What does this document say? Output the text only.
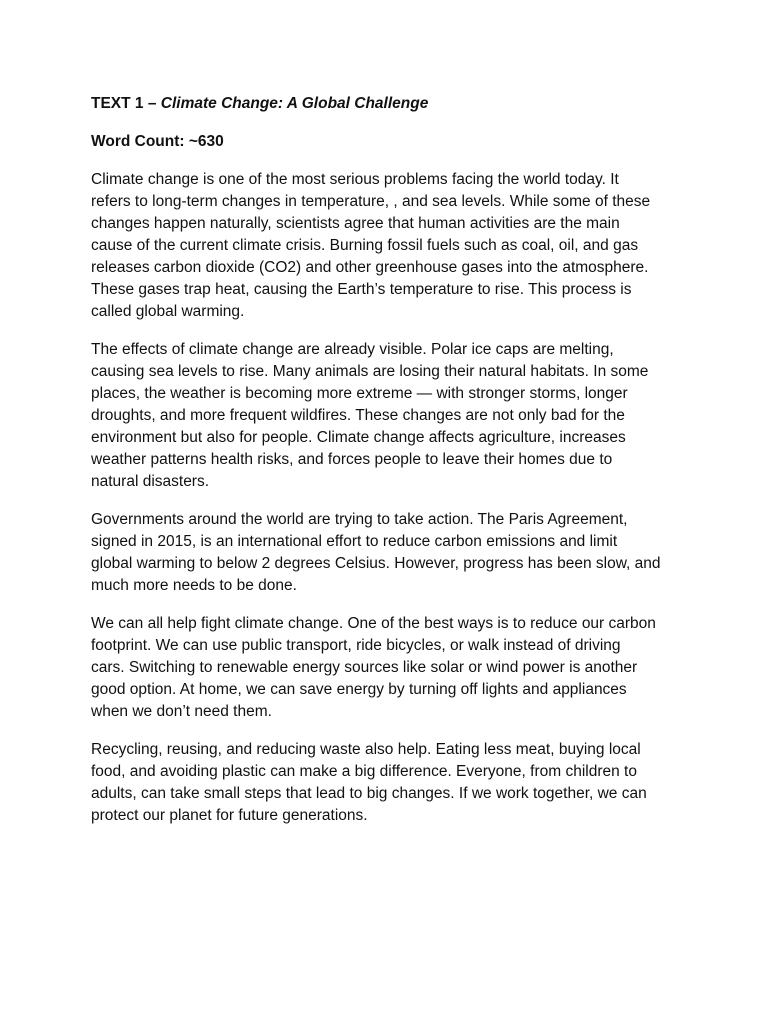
TEXT 1 – Climate Change: A Global Challenge
Word Count: ~630
Climate change is one of the most serious problems facing the world today. It
refers to long-term changes in temperature, , and sea levels. While some of these
changes happen naturally, scientists agree that human activities are the main
cause of the current climate crisis. Burning fossil fuels such as coal, oil, and gas
releases carbon dioxide (CO2) and other greenhouse gases into the atmosphere.
These gases trap heat, causing the Earth’s temperature to rise. This process is
called global warming.
The effects of climate change are already visible. Polar ice caps are melting,
causing sea levels to rise. Many animals are losing their natural habitats. In some
places, the weather is becoming more extreme — with stronger storms, longer
droughts, and more frequent wildfires. These changes are not only bad for the
environment but also for people. Climate change affects agriculture, increases
weather patterns health risks, and forces people to leave their homes due to
natural disasters.
Governments around the world are trying to take action. The Paris Agreement,
signed in 2015, is an international effort to reduce carbon emissions and limit
global warming to below 2 degrees Celsius. However, progress has been slow, and
much more needs to be done.
We can all help fight climate change. One of the best ways is to reduce our carbon
footprint. We can use public transport, ride bicycles, or walk instead of driving
cars. Switching to renewable energy sources like solar or wind power is another
good option. At home, we can save energy by turning off lights and appliances
when we don’t need them.
Recycling, reusing, and reducing waste also help. Eating less meat, buying local
food, and avoiding plastic can make a big difference. Everyone, from children to
adults, can take small steps that lead to big changes. If we work together, we can
protect our planet for future generations.
